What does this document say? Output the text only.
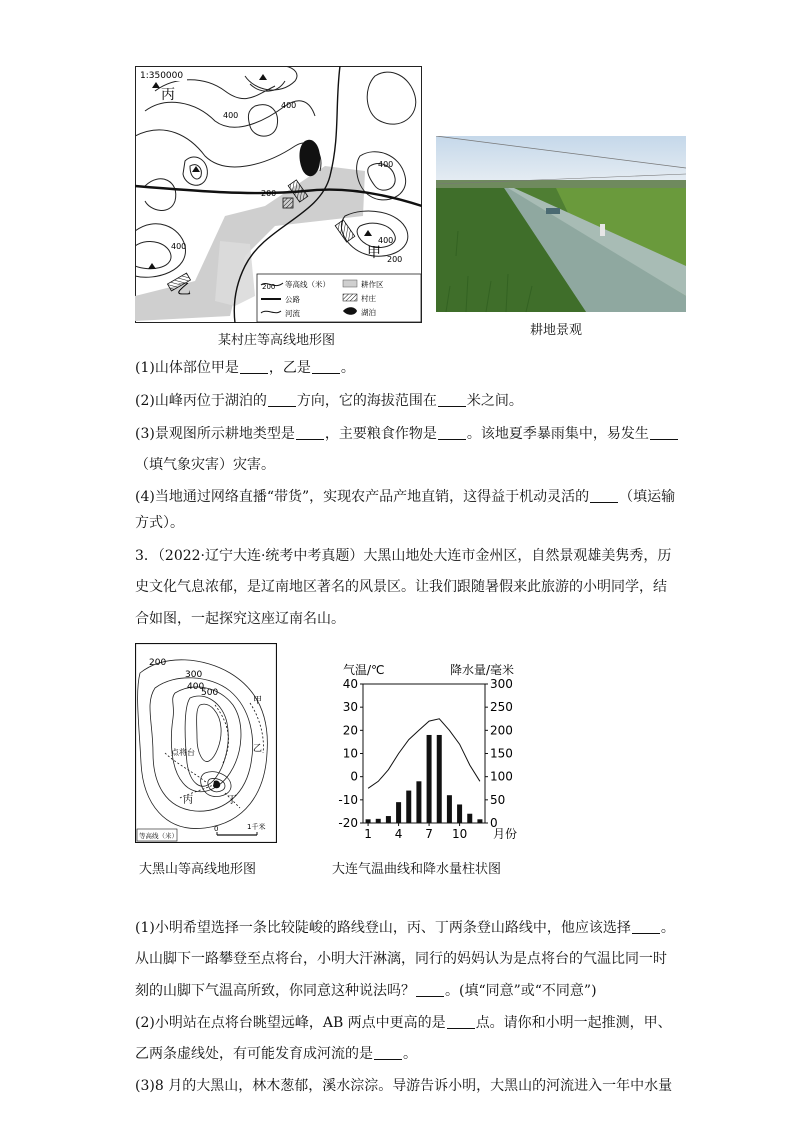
1:350000
丙
甲
乙
400
400
400
200
400
400
200
200 等高线（米）
公路
河流
耕作区
村庄
湖泊
某村庄等高线地形图
耕地景观
(1)山体部位甲是 ，乙是 。
(2)山峰丙位于湖泊的 方向，它的海拔范围在 米之间。
(3)景观图所示耕地类型是 ，主要粮食作物是 。该地夏季暴雨集中，易发生
（填气象灾害）灾害。
(4)当地通过网络直播“带货”，实现农产品产地直销，这得益于机动灵活的 （填运输
方式）。
3．（2022·辽宁大连·统考中考真题）大黑山地处大连市金州区，自然景观雄美隽秀，历
史文化气息浓郁，是辽南地区著名的风景区。让我们跟随暑假来此旅游的小明同学，结
合如图，一起探究这座辽南名山。
200
300
400
500
点将台
甲
乙
丙	丁
等高线（米）
0	1千米
大黑山等高线地形图
40
30
20
10
0
-10
-20
300
250
200
150
100
50
0
1 4 7 10 月份
气温/℃	降水量/毫米
大连气温曲线和降水量柱状图
(1)小明希望选择一条比较陡峻的路线登山，丙、丁两条登山路线中，他应该选择 。
从山脚下一路攀登至点将台，小明大汗淋漓，同行的妈妈认为是点将台的气温比同一时
刻的山脚下气温高所致，你同意这种说法吗？ 。(填“同意”或“不同意”)
(2)小明站在点将台眺望远峰，AB 两点中更高的是 点。请你和小明一起推测，甲、
乙两条虚线处，有可能发育成河流的是 。
(3)8 月的大黑山，林木葱郁，溪水淙淙。导游告诉小明，大黑山的河流进入一年中水量
